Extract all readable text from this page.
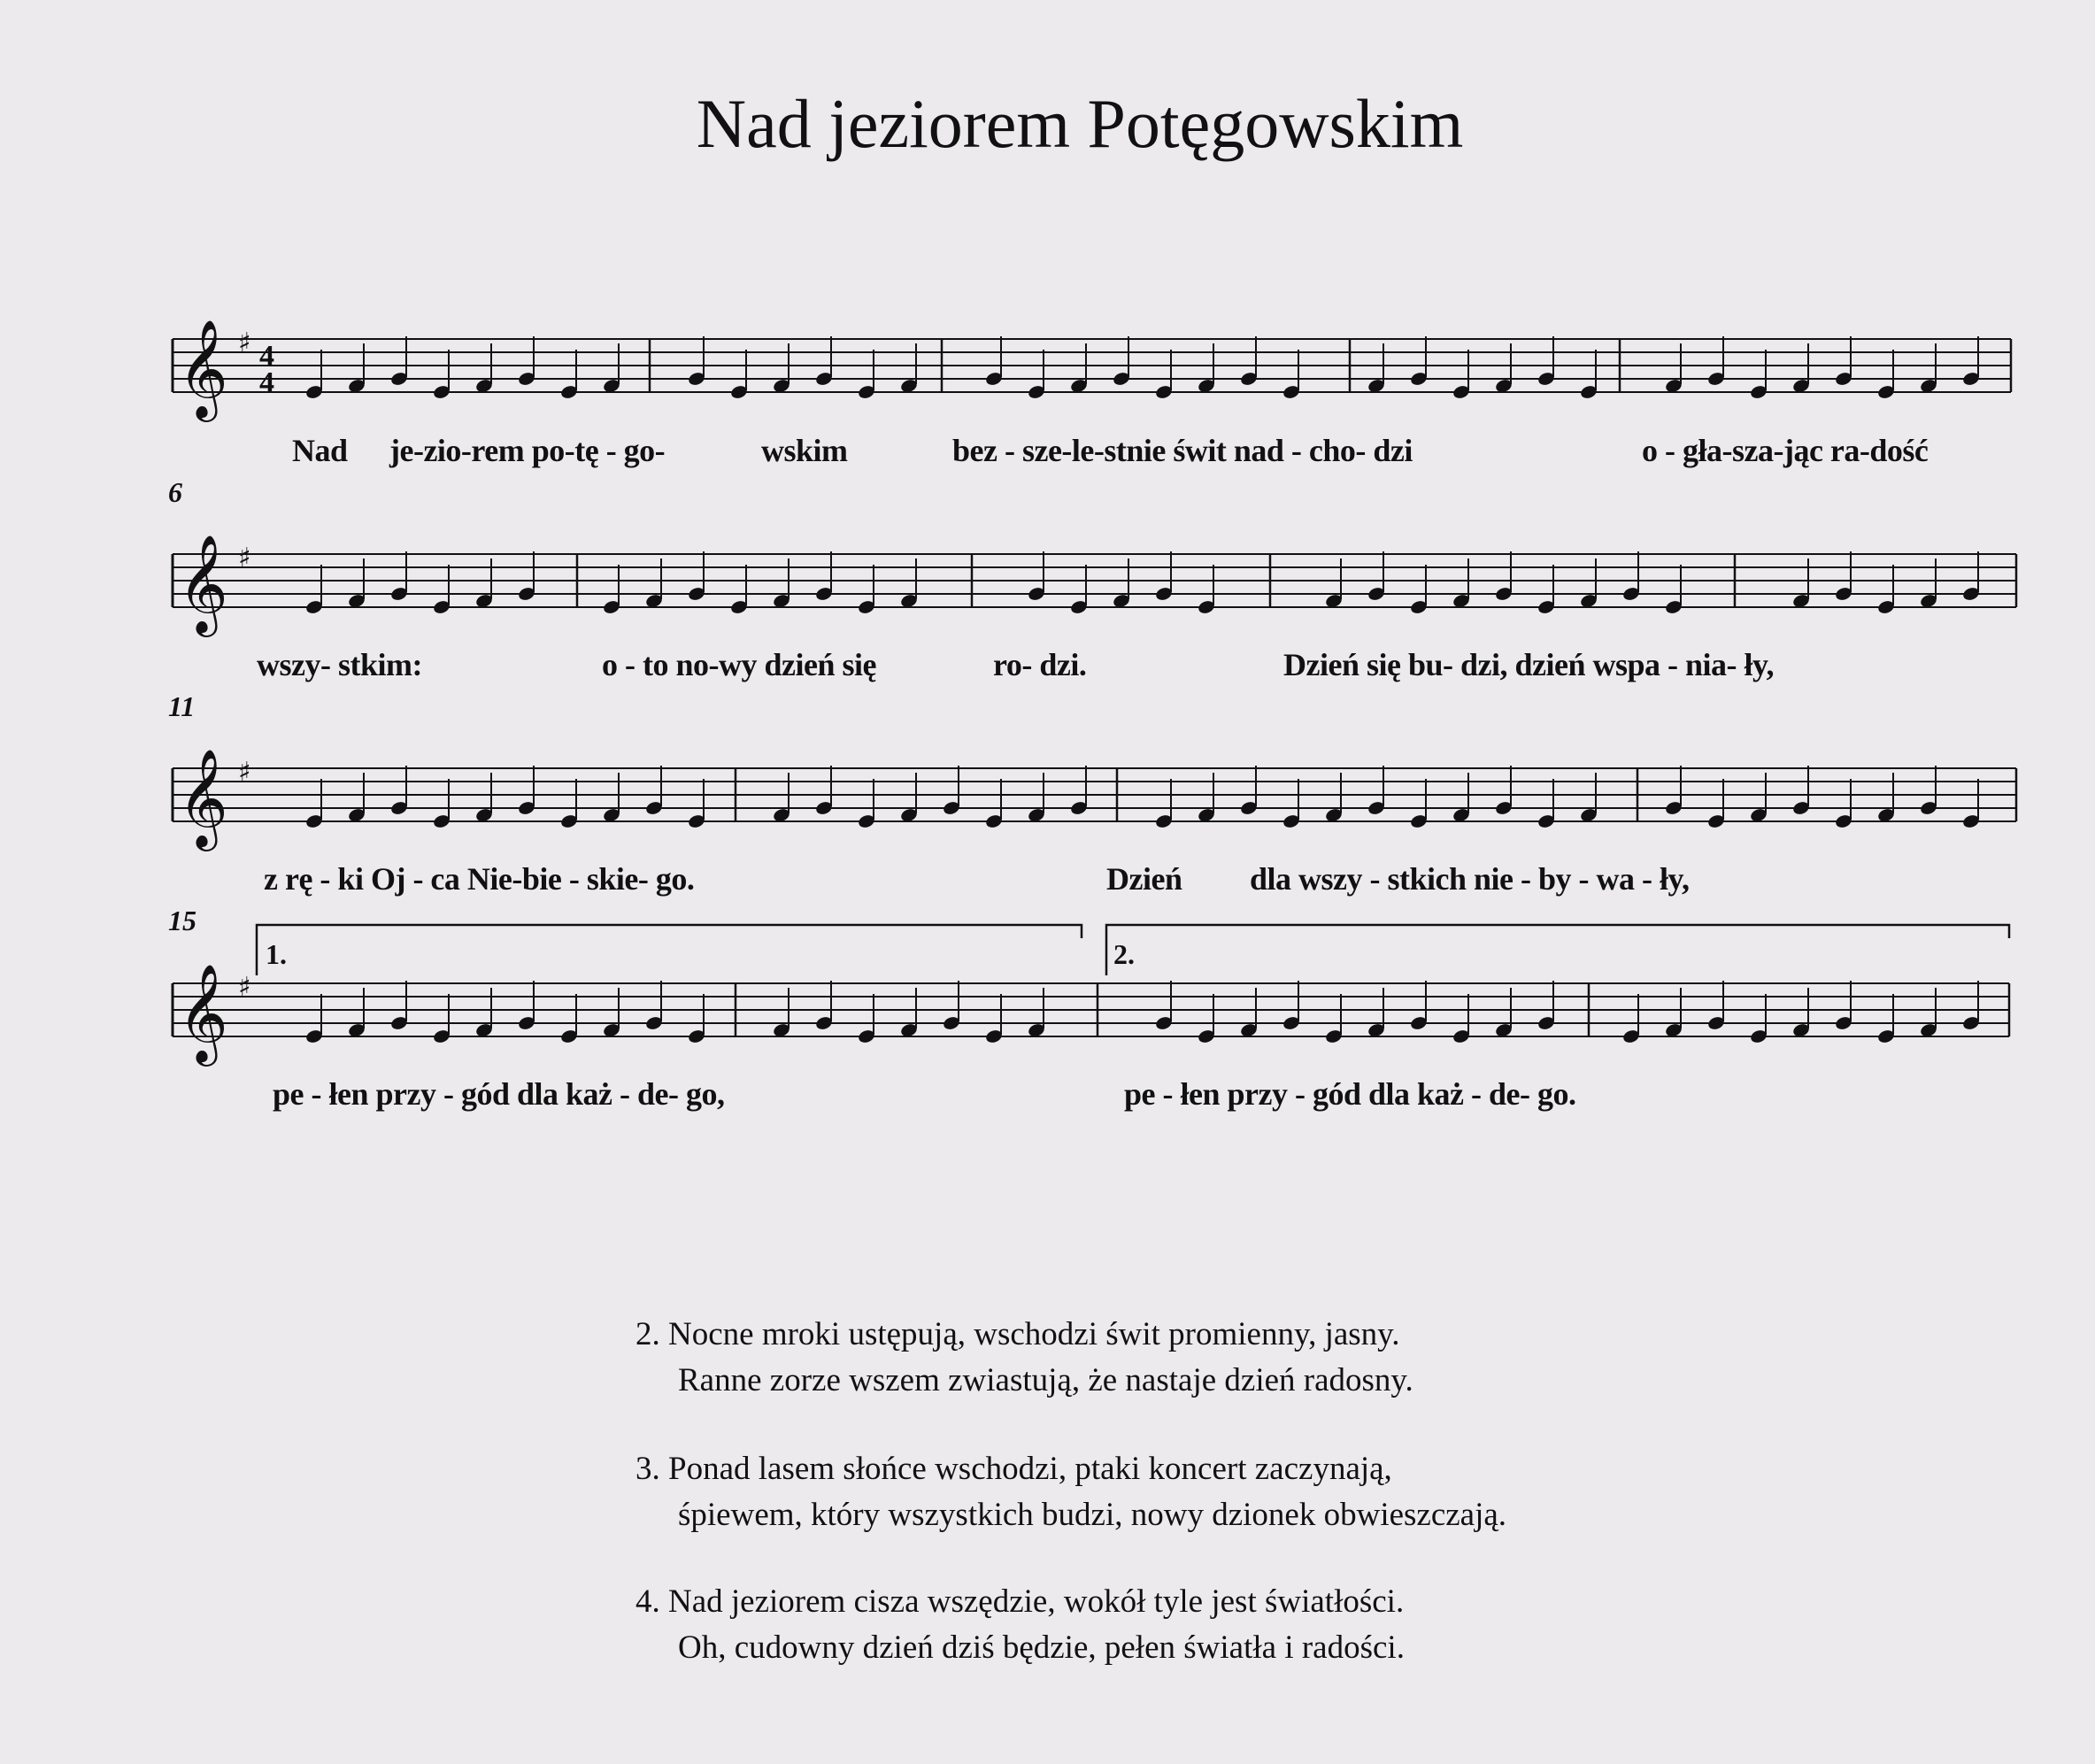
Nad jeziorem Potęgowskim
𝄞 ♯
𝄞 ♯
𝄞 ♯
𝄞 ♯
4
4
6
11
15
1.	2.
Nad je-zio-rem po-tę - go-	wskim	bez - sze-le-stnie świt nad - cho- dzi	o - gła-sza-jąc ra-dość
wszy- stkim:	o - to no-wy dzień się	ro- dzi.	Dzień się bu- dzi, dzień wspa - nia- ły,
z rę - ki Oj - ca Nie-bie - skie- go.	Dzień dla wszy - stkich nie - by - wa - ły,
pe - łen przy - gód dla każ - de- go,	pe - łen przy - gód dla każ - de- go.
2. Nocne mroki ustępują, wschodzi świt promienny, jasny.
Ranne zorze wszem zwiastują, że nastaje dzień radosny.
3. Ponad lasem słońce wschodzi, ptaki koncert zaczynają,
śpiewem, który wszystkich budzi, nowy dzionek obwieszczają.
4. Nad jeziorem cisza wszędzie, wokół tyle jest światłości.
Oh, cudowny dzień dziś będzie, pełen światła i radości.
